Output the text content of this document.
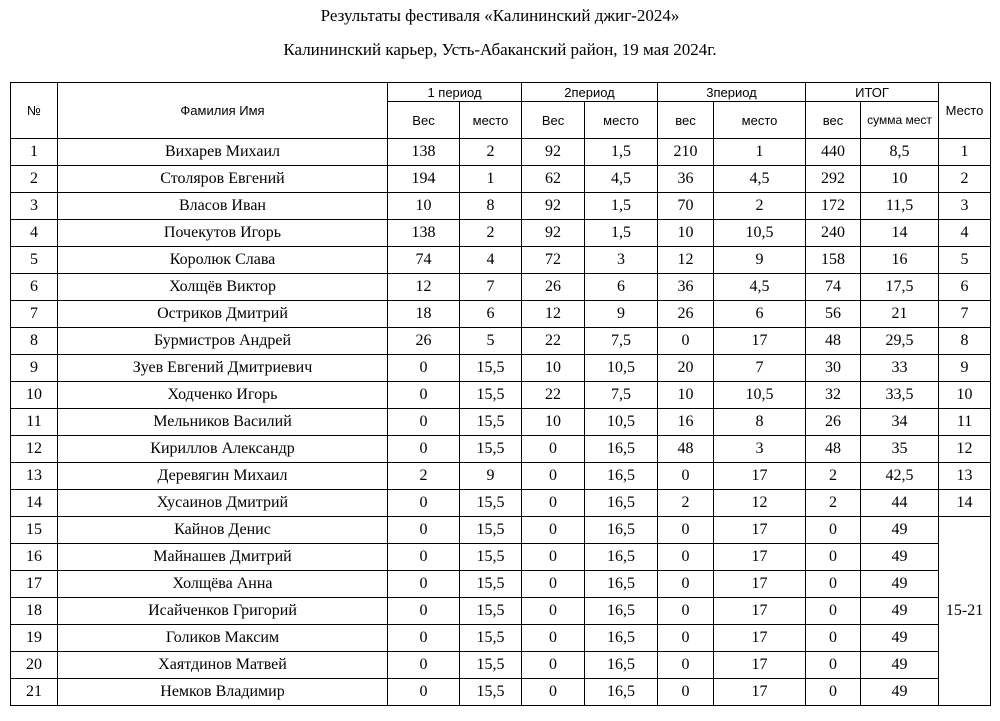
Результаты фестиваля «Калининский джиг-2024»
Калининский карьер, Усть-Абаканский район, 19 мая 2024г.
№	Фамилия Имя	1 период		2период		3период		ИТОГ		Место
		Вес	место	Вес	место	вес	место	вес	сумма мест	
1	Вихарев Михаил	138	2	92	1,5	210	1	440	8,5	1
2	Столяров Евгений	194	1	62	4,5	36	4,5	292	10	2
3	Власов Иван	10	8	92	1,5	70	2	172	11,5	3
4	Почекутов Игорь	138	2	92	1,5	10	10,5	240	14	4
5	Королюк Слава	74	4	72	3	12	9	158	16	5
6	Холщёв Виктор	12	7	26	6	36	4,5	74	17,5	6
7	Остриков Дмитрий	18	6	12	9	26	6	56	21	7
8	Бурмистров Андрей	26	5	22	7,5	0	17	48	29,5	8
9	Зуев Евгений Дмитриевич	0	15,5	10	10,5	20	7	30	33	9
10	Ходченко Игорь	0	15,5	22	7,5	10	10,5	32	33,5	10
11	Мельников Василий	0	15,5	10	10,5	16	8	26	34	11
12	Кириллов Александр	0	15,5	0	16,5	48	3	48	35	12
13	Деревягин Михаил	2	9	0	16,5	0	17	2	42,5	13
14	Хусаинов Дмитрий	0	15,5	0	16,5	2	12	2	44	14
15	Кайнов Денис	0	15,5	0	16,5	0	17	0	49	15-21
16	Майнашев Дмитрий	0	15,5	0	16,5	0	17	0	49	
17	Холщёва Анна	0	15,5	0	16,5	0	17	0	49	
18	Исайченков Григорий	0	15,5	0	16,5	0	17	0	49	
19	Голиков Максим	0	15,5	0	16,5	0	17	0	49	
20	Хаятдинов Матвей	0	15,5	0	16,5	0	17	0	49	
21	Немков Владимир	0	15,5	0	16,5	0	17	0	49	
